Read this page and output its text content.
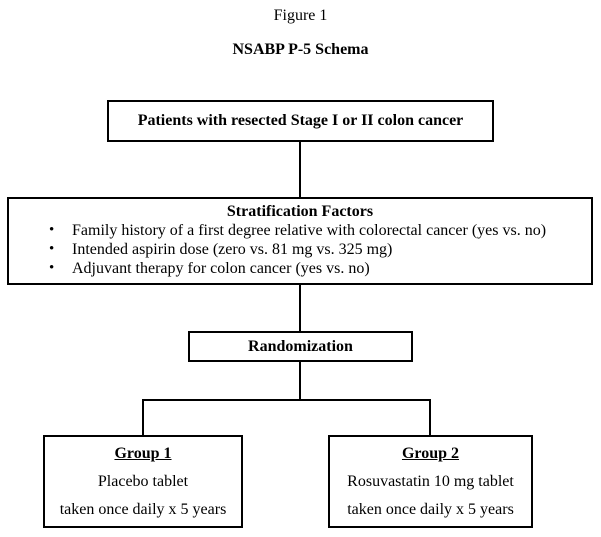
Figure 1
NSABP P-5 Schema
Patients with resected Stage I or II colon cancer
Stratification Factors
• Family history of a first degree relative with colorectal cancer (yes vs. no)
• Intended aspirin dose (zero vs. 81 mg vs. 325 mg)
• Adjuvant therapy for colon cancer (yes vs. no)
Randomization
Group 1
Placebo tablet
taken once daily x 5 years
Group 2
Rosuvastatin 10 mg tablet
taken once daily x 5 years
